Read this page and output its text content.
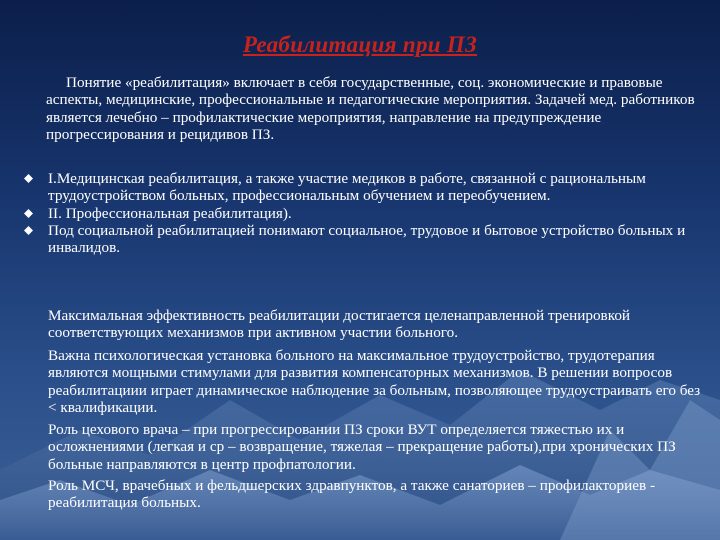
Реабилитация при ПЗ
Понятие «реабилитация» включает в себя государственные, соц. экономические и правовые аспекты, медицинские, профессиональные и педагогические мероприятия. Задачей мед. работников является лечебно – профилактические мероприятия, направление на предупреждение прогрессирования и рецидивов ПЗ.
I.Медицинская реабилитация, а также участие медиков в работе, связанной с рациональным трудоустройством больных, профессиональным обучением и переобучением.
II. Профессиональная реабилитация).
Под социальной реабилитацией понимают социальное, трудовое и бытовое устройство больных и инвалидов.
Максимальная эффективность реабилитации достигается целенаправленной тренировкой соответствующих механизмов при активном участии больного.
Важна психологическая установка больного на максимальное трудоустройство, трудотерапия являются мощными стимулами для развития компенсаторных механизмов. В решении вопросов реабилитациии играет динамическое наблюдение за больным, позволяющее трудоустраивать его без < квалификации.
Роль цехового врача – при прогрессировании ПЗ сроки ВУТ определяется тяжестью их и осложнениями (легкая и ср – возвращение, тяжелая – прекращение работы),при хронических ПЗ больные направляются в центр профпатологии.
Роль МСЧ, врачебных и фельдшерских здравпунктов, а также санаториев – профилакториев - реабилитация больных.
